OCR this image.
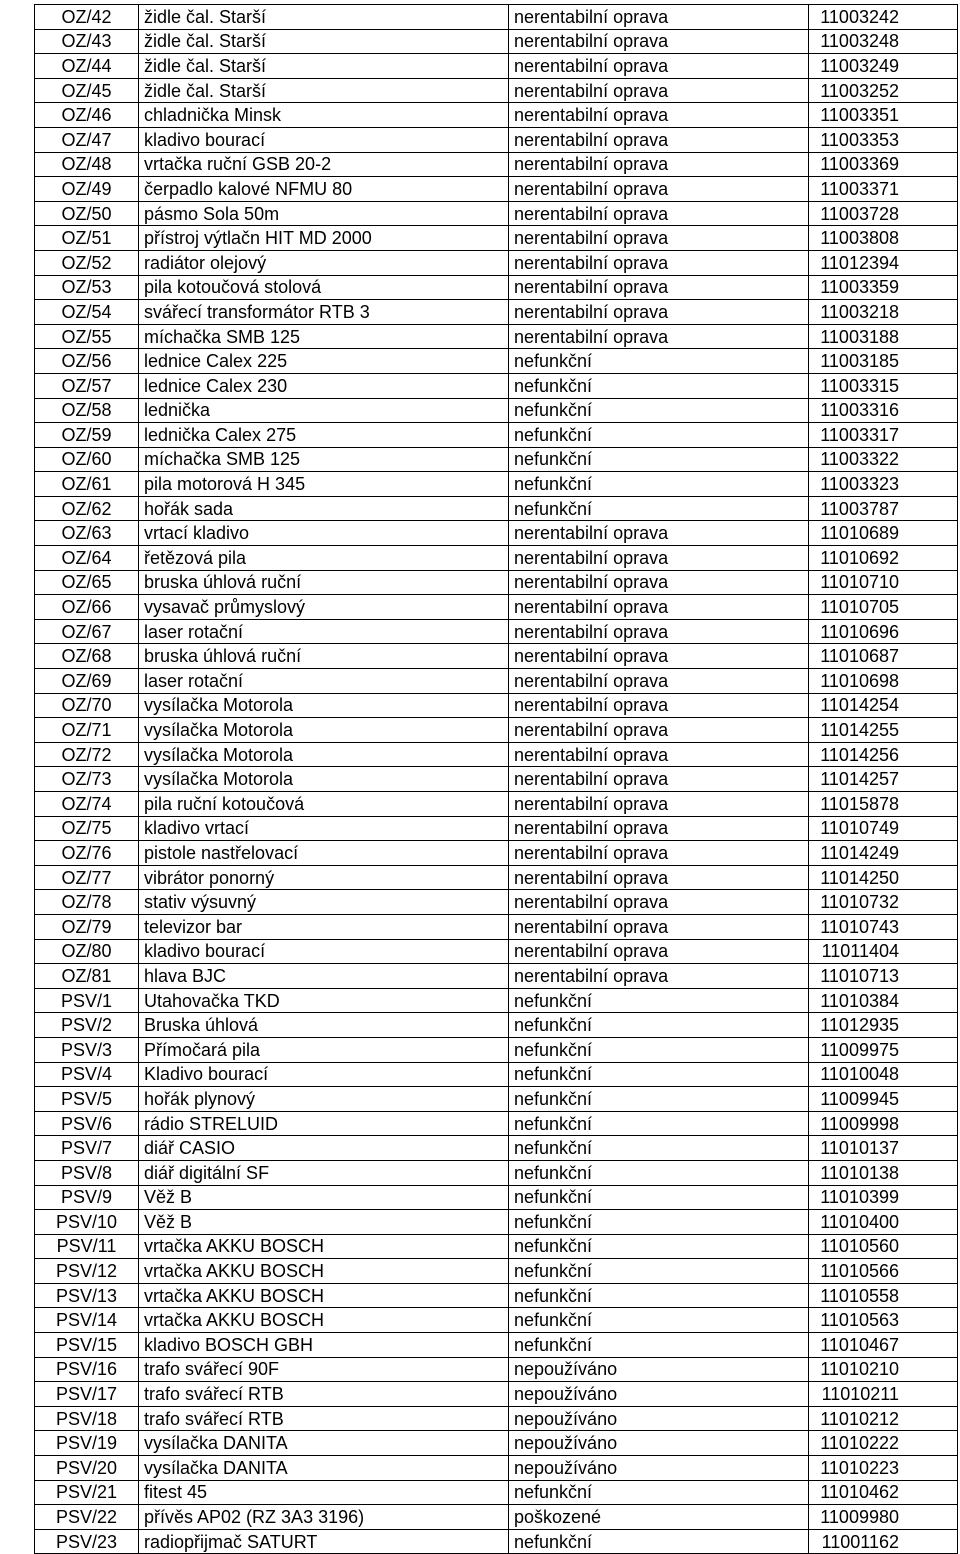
OZ/42	židle čal. Starší	nerentabilní oprava	11003242
OZ/43	židle čal. Starší	nerentabilní oprava	11003248
OZ/44	židle čal. Starší	nerentabilní oprava	11003249
OZ/45	židle čal. Starší	nerentabilní oprava	11003252
OZ/46	chladnička Minsk	nerentabilní oprava	11003351
OZ/47	kladivo bourací	nerentabilní oprava	11003353
OZ/48	vrtačka ruční GSB 20-2	nerentabilní oprava	11003369
OZ/49	čerpadlo kalové NFMU 80	nerentabilní oprava	11003371
OZ/50	pásmo Sola 50m	nerentabilní oprava	11003728
OZ/51	přístroj výtlačn HIT MD 2000	nerentabilní oprava	11003808
OZ/52	radiátor olejový	nerentabilní oprava	11012394
OZ/53	pila kotoučová stolová	nerentabilní oprava	11003359
OZ/54	svářecí transformátor RTB 3	nerentabilní oprava	11003218
OZ/55	míchačka SMB 125	nerentabilní oprava	11003188
OZ/56	lednice Calex 225	nefunkční	11003185
OZ/57	lednice Calex 230	nefunkční	11003315
OZ/58	lednička	nefunkční	11003316
OZ/59	lednička Calex 275	nefunkční	11003317
OZ/60	míchačka SMB 125	nefunkční	11003322
OZ/61	pila motorová H 345	nefunkční	11003323
OZ/62	hořák sada	nefunkční	11003787
OZ/63	vrtací kladivo	nerentabilní oprava	11010689
OZ/64	řetězová pila	nerentabilní oprava	11010692
OZ/65	bruska úhlová ruční	nerentabilní oprava	11010710
OZ/66	vysavač průmyslový	nerentabilní oprava	11010705
OZ/67	laser rotační	nerentabilní oprava	11010696
OZ/68	bruska úhlová ruční	nerentabilní oprava	11010687
OZ/69	laser rotační	nerentabilní oprava	11010698
OZ/70	vysílačka Motorola	nerentabilní oprava	11014254
OZ/71	vysílačka Motorola	nerentabilní oprava	11014255
OZ/72	vysílačka Motorola	nerentabilní oprava	11014256
OZ/73	vysílačka Motorola	nerentabilní oprava	11014257
OZ/74	pila ruční kotoučová	nerentabilní oprava	11015878
OZ/75	kladivo vrtací	nerentabilní oprava	11010749
OZ/76	pistole nastřelovací	nerentabilní oprava	11014249
OZ/77	vibrátor ponorný	nerentabilní oprava	11014250
OZ/78	stativ výsuvný	nerentabilní oprava	11010732
OZ/79	televizor bar	nerentabilní oprava	11010743
OZ/80	kladivo bourací	nerentabilní oprava	11011404
OZ/81	hlava BJC	nerentabilní oprava	11010713
PSV/1	Utahovačka TKD	nefunkční	11010384
PSV/2	Bruska úhlová	nefunkční	11012935
PSV/3	Přímočará pila	nefunkční	11009975
PSV/4	Kladivo bourací	nefunkční	11010048
PSV/5	hořák plynový	nefunkční	11009945
PSV/6	rádio STRELUID	nefunkční	11009998
PSV/7	diář CASIO	nefunkční	11010137
PSV/8	diář digitální SF	nefunkční	11010138
PSV/9	Věž B	nefunkční	11010399
PSV/10	Věž B	nefunkční	11010400
PSV/11	vrtačka AKKU BOSCH	nefunkční	11010560
PSV/12	vrtačka AKKU BOSCH	nefunkční	11010566
PSV/13	vrtačka AKKU BOSCH	nefunkční	11010558
PSV/14	vrtačka AKKU BOSCH	nefunkční	11010563
PSV/15	kladivo BOSCH GBH	nefunkční	11010467
PSV/16	trafo svářecí 90F	nepoužíváno	11010210
PSV/17	trafo svářecí RTB	nepoužíváno	11010211
PSV/18	trafo svářecí RTB	nepoužíváno	11010212
PSV/19	vysílačka DANITA	nepoužíváno	11010222
PSV/20	vysílačka DANITA	nepoužíváno	11010223
PSV/21	fitest 45	nefunkční	11010462
PSV/22	přívěs AP02 (RZ 3A3 3196)	poškozené	11009980
PSV/23	radiopřijmač SATURT	nefunkční	11001162
